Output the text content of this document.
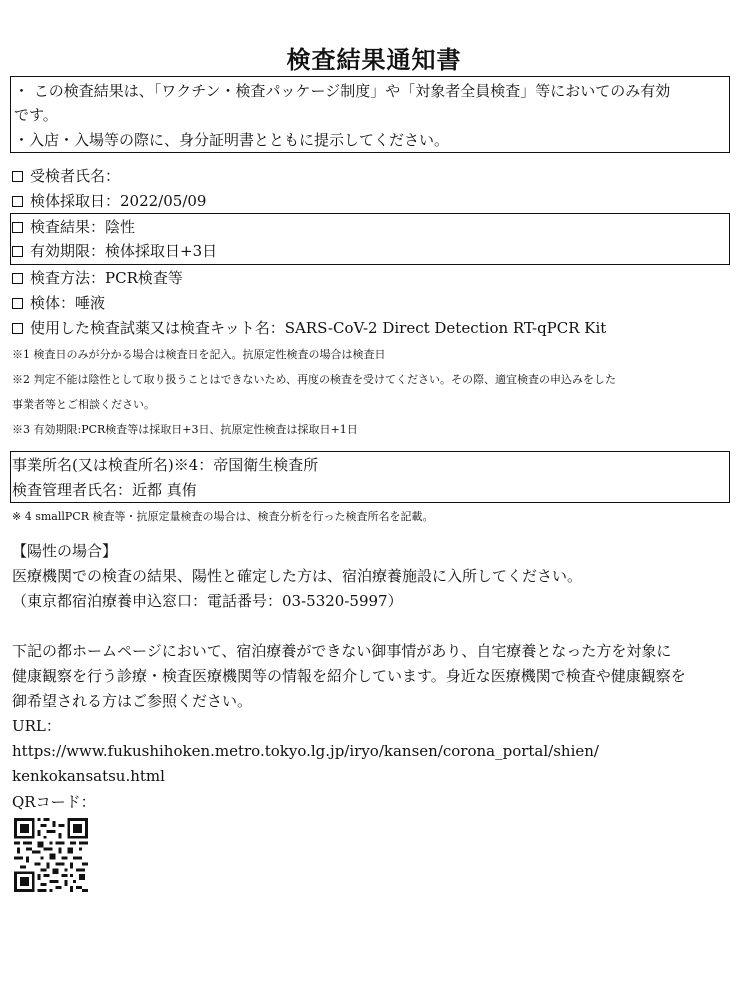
検査結果通知書
・ この検査結果は、「ワクチン・検査パッケージ制度」や「対象者全員検査」等においてのみ有効
です。
・入店・入場等の際に、身分証明書とともに提示してください。
受検者氏名：
検体採取日：2022/05/09
検査結果：陰性
有効期限：検体採取日+3日
検査方法：PCR検査等
検体：唾液
使用した検査試薬又は検査キット名：SARS-CoV-2 Direct Detection RT-qPCR Kit
※1 検査日のみが分かる場合は検査日を記入。抗原定性検査の場合は検査日
※2 判定不能は陰性として取り扱うことはできないため、再度の検査を受けてください。その際、適宜検査の申込みをした
事業者等とご相談ください。
※3 有効期限:PCR検査等は採取日+3日、抗原定性検査は採取日+1日
事業所名(又は検査所名)※4：帝国衛生検査所
検査管理者氏名：近都 真侑
※ 4 smallPCR 検査等・抗原定量検査の場合は、検査分析を行った検査所名を記載。
【陽性の場合】
医療機関での検査の結果、陽性と確定した方は、宿泊療養施設に入所してください。
（東京都宿泊療養申込窓口：電話番号：03-5320-5997）
下記の都ホームページにおいて、宿泊療養ができない御事情があり、自宅療養となった方を対象に
健康観察を行う診療・検査医療機関等の情報を紹介しています。身近な医療機関で検査や健康観察を
御希望される方はご参照ください。
URL：
https://www.fukushihoken.metro.tokyo.lg.jp/iryo/kansen/corona_portal/shien/
kenkokansatsu.html
QRコード：
